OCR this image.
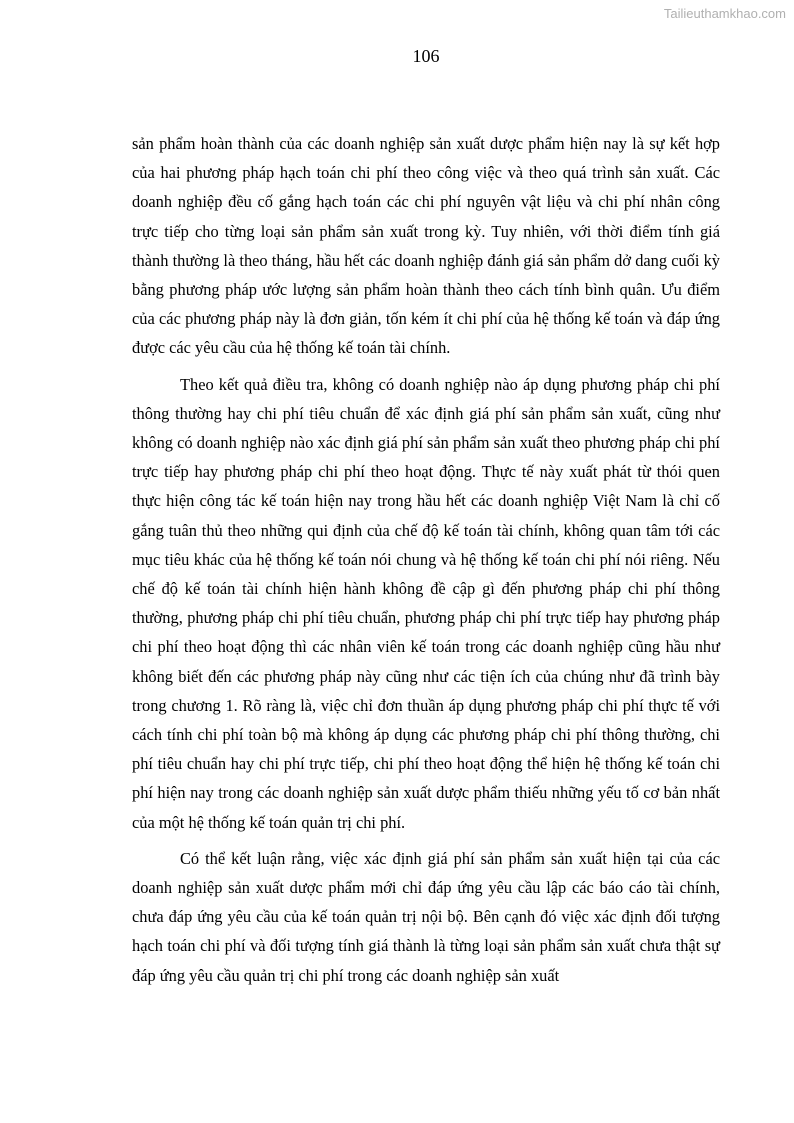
Tailieuthamkhao.com
106

sản phẩm hoàn thành của các doanh nghiệp sản xuất dược phẩm hiện nay là sự kết hợp của hai phương pháp hạch toán chi phí theo công việc và theo quá trình sản xuất. Các doanh nghiệp đều cố gắng hạch toán các chi phí nguyên vật liệu và chi phí nhân công trực tiếp cho từng loại sản phẩm sản xuất trong kỳ. Tuy nhiên, với thời điểm tính giá thành thường là theo tháng, hầu hết các doanh nghiệp đánh giá sản phẩm dở dang cuối kỳ bằng phương pháp ước lượng sản phẩm hoàn thành theo cách tính bình quân. Ưu điểm của các phương pháp này là đơn giản, tốn kém ít chi phí của hệ thống kế toán và đáp ứng được các yêu cầu của hệ thống kế toán tài chính.

Theo kết quả điều tra, không có doanh nghiệp nào áp dụng phương pháp chi phí thông thường hay chi phí tiêu chuẩn để xác định giá phí sản phẩm sản xuất, cũng như không có doanh nghiệp nào xác định giá phí sản phẩm sản xuất theo phương pháp chi phí trực tiếp hay phương pháp chi phí theo hoạt động. Thực tế này xuất phát từ thói quen thực hiện công tác kế toán hiện nay trong hầu hết các doanh nghiệp Việt Nam là chỉ cố gắng tuân thủ theo những qui định của chế độ kế toán tài chính, không quan tâm tới các mục tiêu khác của hệ thống kế toán nói chung và hệ thống kế toán chi phí nói riêng. Nếu chế độ kế toán tài chính hiện hành không đề cập gì đến phương pháp chi phí thông thường, phương pháp chi phí tiêu chuẩn, phương pháp chi phí trực tiếp hay phương pháp chi phí theo hoạt động thì các nhân viên kế toán trong các doanh nghiệp cũng hầu như không biết đến các phương pháp này cũng như các tiện ích của chúng như đã trình bày trong chương 1. Rõ ràng là, việc chỉ đơn thuần áp dụng phương pháp chi phí thực tế với cách tính chi phí toàn bộ mà không áp dụng các phương pháp chi phí thông thường, chi phí tiêu chuẩn hay chi phí trực tiếp, chi phí theo hoạt động thể hiện hệ thống kế toán chi phí hiện nay trong các doanh nghiệp sản xuất dược phẩm thiếu những yếu tố cơ bản nhất của một hệ thống kế toán quản trị chi phí.

Có thể kết luận rằng, việc xác định giá phí sản phẩm sản xuất hiện tại của các doanh nghiệp sản xuất dược phẩm mới chỉ đáp ứng yêu cầu lập các báo cáo tài chính, chưa đáp ứng yêu cầu của kế toán quản trị nội bộ. Bên cạnh đó việc xác định đối tượng hạch toán chi phí và đối tượng tính giá thành là từng loại sản phẩm sản xuất chưa thật sự đáp ứng yêu cầu quản trị chi phí trong các doanh nghiệp sản xuất
